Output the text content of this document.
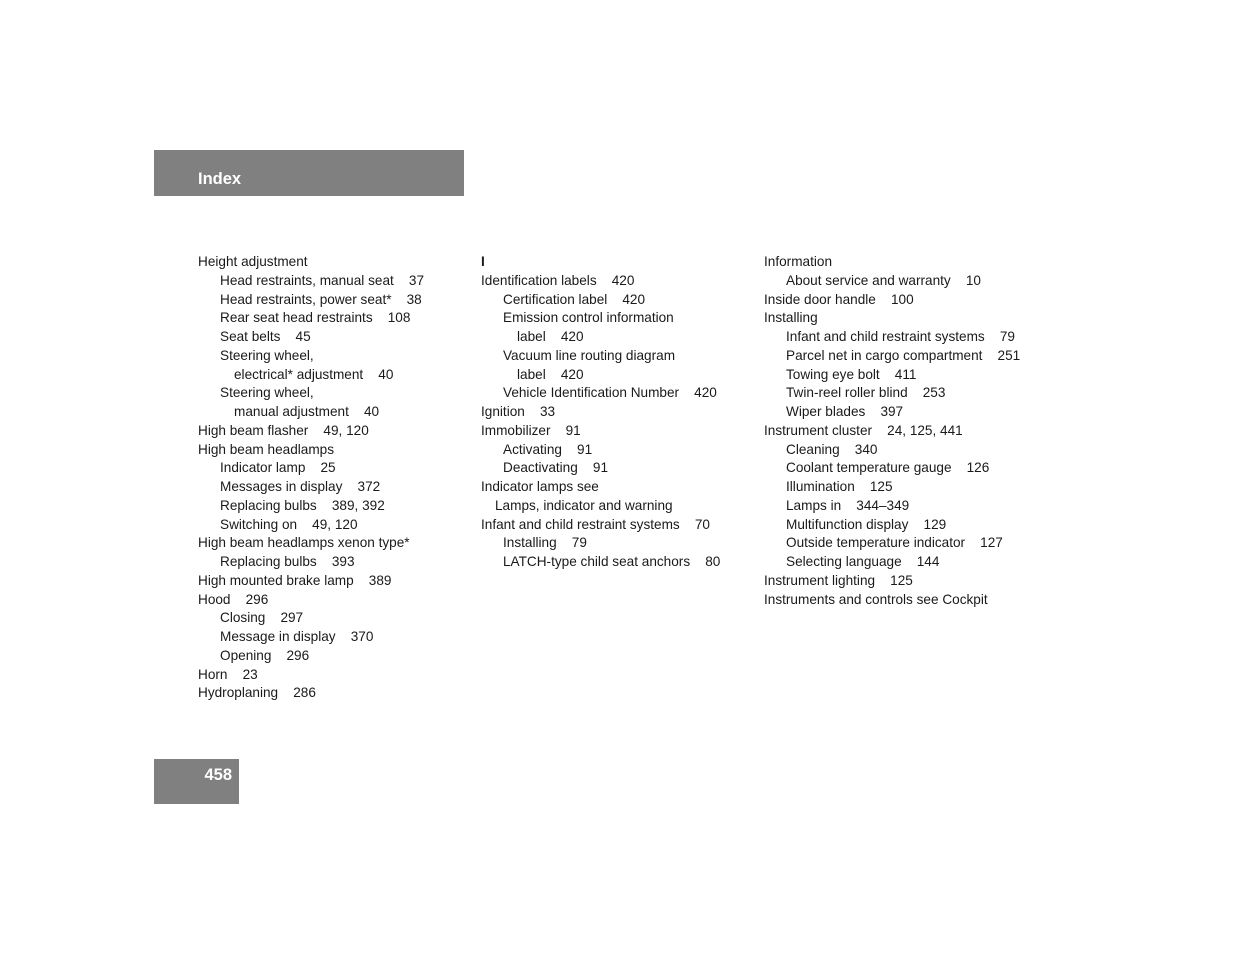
Index
Height adjustment
Head restraints, manual seat    37
Head restraints, power seat*    38
Rear seat head restraints    108
Seat belts    45
Steering wheel,
electrical* adjustment    40
Steering wheel,
manual adjustment    40
High beam flasher    49, 120
High beam headlamps
Indicator lamp    25
Messages in display    372
Replacing bulbs    389, 392
Switching on    49, 120
High beam headlamps xenon type*
Replacing bulbs    393
High mounted brake lamp    389
Hood    296
Closing    297
Message in display    370
Opening    296
Horn    23
Hydroplaning    286
I
Identification labels    420
Certification label    420
Emission control information
label    420
Vacuum line routing diagram
label    420
Vehicle Identification Number    420
Ignition    33
Immobilizer    91
Activating    91
Deactivating    91
Indicator lamps see
Lamps, indicator and warning
Infant and child restraint systems    70
Installing    79
LATCH-type child seat anchors    80
Information
About service and warranty    10
Inside door handle    100
Installing
Infant and child restraint systems    79
Parcel net in cargo compartment    251
Towing eye bolt    411
Twin-reel roller blind    253
Wiper blades    397
Instrument cluster    24, 125, 441
Cleaning    340
Coolant temperature gauge    126
Illumination    125
Lamps in    344–349
Multifunction display    129
Outside temperature indicator    127
Selecting language    144
Instrument lighting    125
Instruments and controls see Cockpit
458
